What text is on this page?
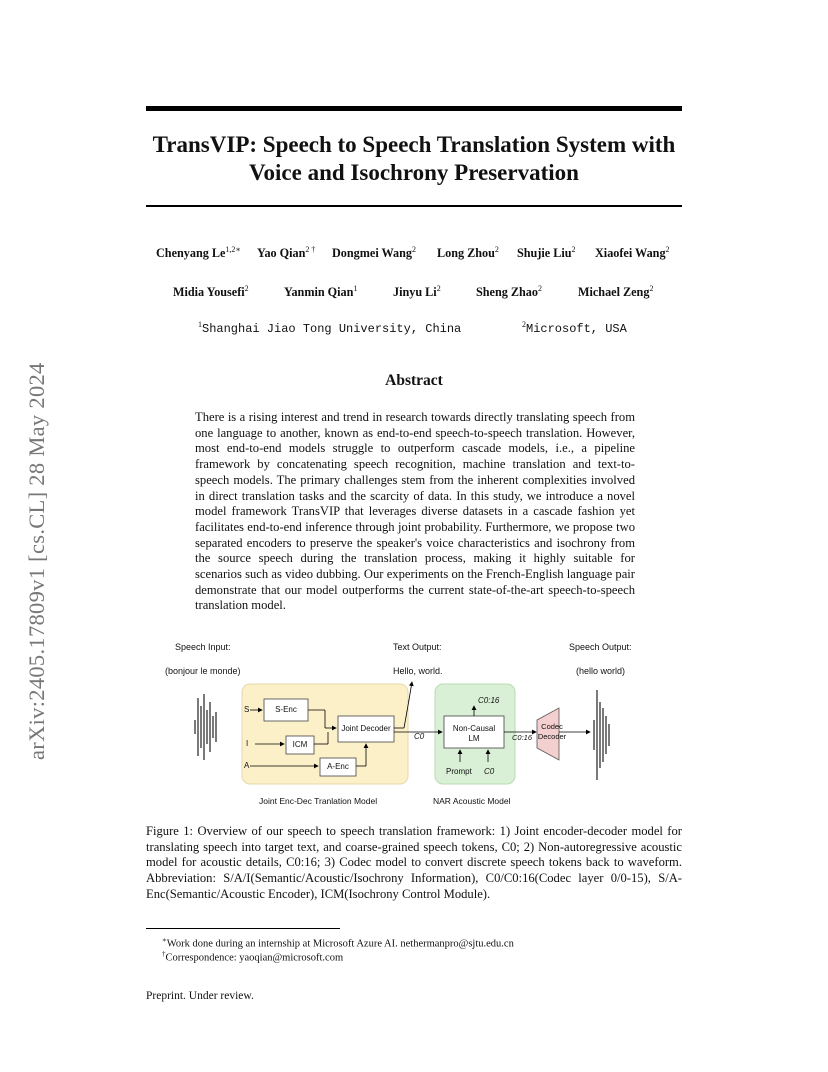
arXiv:2405.17809v1 [cs.CL] 28 May 2024
TransVIP: Speech to Speech Translation System with
Voice and Isochrony Preservation
Chenyang $Le^{1,2∗}$ Yao Qian$^{2 \dagger}$ Dongmei Wang$^2$ Long Zhou$^2$ Shujie Liu$^2$ Xiaofei Wang$^2$
Midia Yousefi$^2$	Yanmin Qian$^1$	Jinyu Li$^2$	Sheng Zhao$^2$	Michael Zeng$^2$
$^1$Shanghai Jiao Tong University, China	$^2$Microsoft, USA
Abstract
There is a rising interest and trend in research towards directly translating speech from one language to another, known as end-to-end speech-to-speech translation. However, most end-to-end models struggle to outperform cascade models, i.e., a pipeline framework by concatenating speech recognition, machine translation and text-to-speech models. The primary challenges stem from the inherent complexities involved in direct translation tasks and the scarcity of data. In this study, we introduce a novel model framework TransVIP that leverages diverse datasets in a cascade fashion yet facilitates end-to-end inference through joint probability. Furthermore, we propose two separated encoders to preserve the speaker's voice characteristics and isochrony from the source speech during the translation process, making it highly suitable for scenarios such as video dubbing. Our experiments on the French-English language pair demonstrate that our model outperforms the current state-of-the-art speech-to-speech translation model.
Speech Input:
(bonjour le monde)
Text Output:
Hello, world.
Speech Output:
(hello world)
S
I
A
S-Enc
ICM
Joint Decoder
A-Enc
C0
C0:16
Non-Causal
LM
Prompt C0
C0:16
Codec
Decoder
Joint Enc-Dec Tranlation Model	NAR Acoustic Model
Figure 1: Overview of our speech to speech translation framework: 1) Joint encoder-decoder model for translating speech into target text, and coarse-grained speech tokens, C0; 2) Non-autoregressive acoustic model for acoustic details, C0:16; 3) Codec model to convert discrete speech tokens back to waveform. Abbreviation: S/A/I(Semantic/Acoustic/Isochrony Information), C0/C0:16(Codec layer 0/0-15), S/A-Enc(Semantic/Acoustic Encoder), ICM(Isochrony Control Module).
∗Work done during an internship at Microsoft Azure AI. nethermanpro@sjtu.edu.cn
†Correspondence: yaoqian@microsoft.com
Preprint. Under review.
